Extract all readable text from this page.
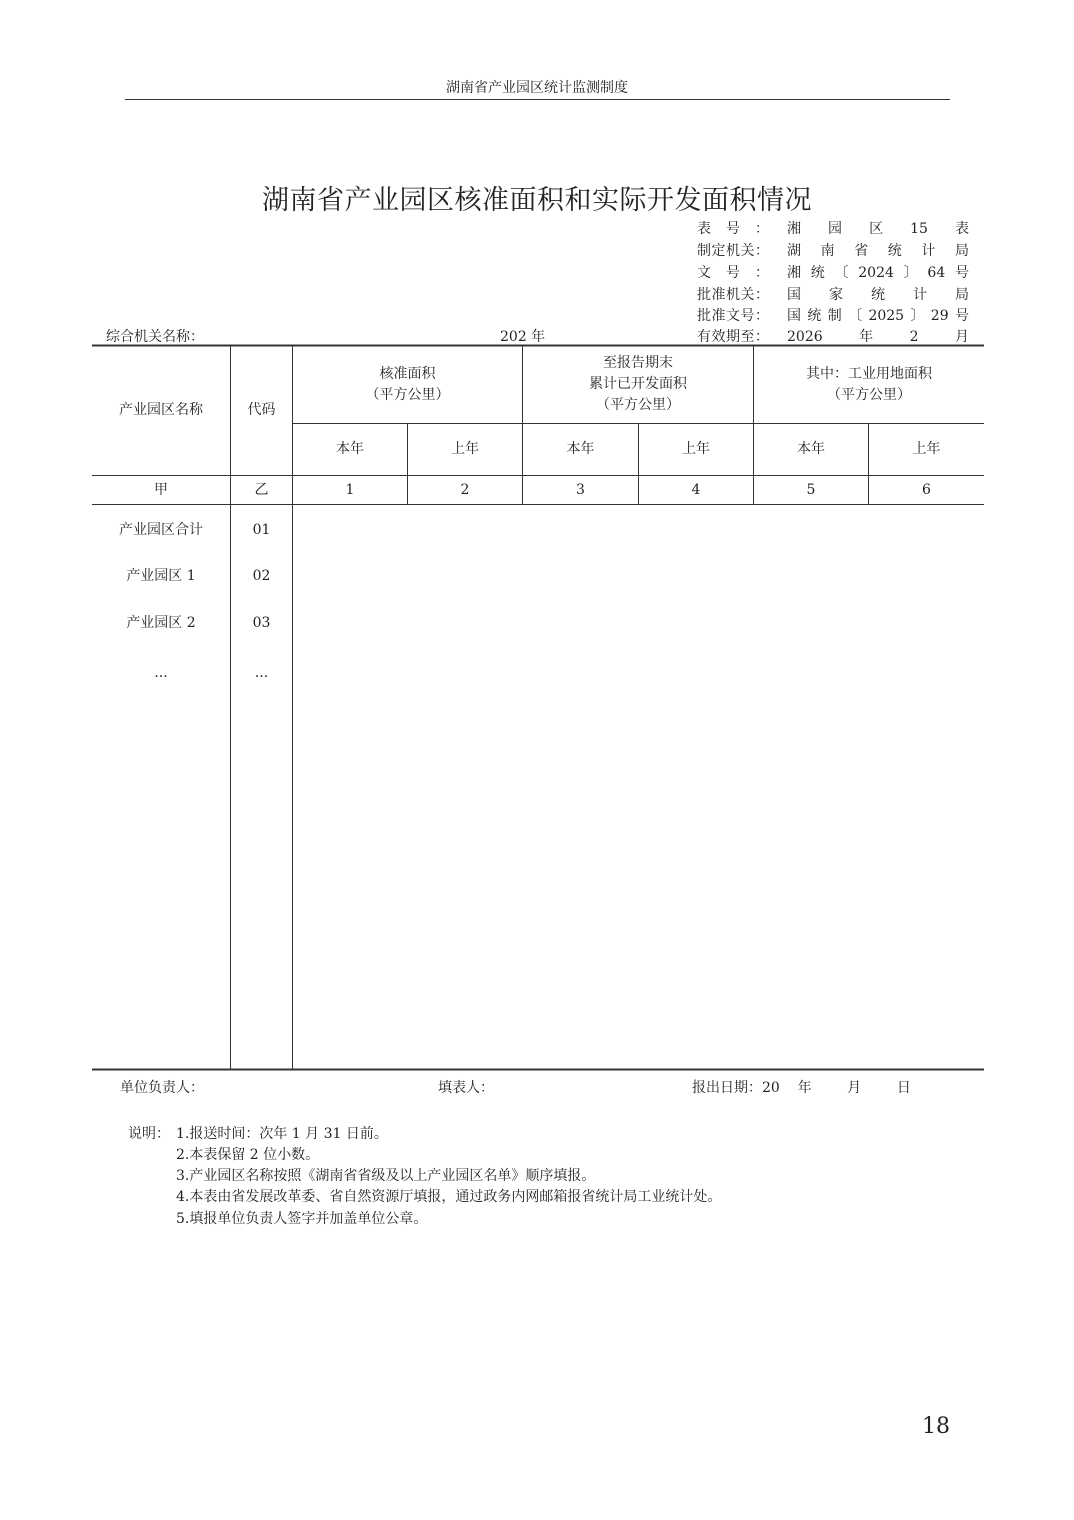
湖南省产业园区统计监测制度
湖南省产业园区核准面积和实际开发面积情况
表号： 湘园区15表
制定机关： 湖南省统计局
文号： 湘统〔2024〕64号
批准机关： 国家统计局
批准文号： 国统制〔2025〕29号
有效期至： 2026年2月
综合机关名称：	202 年
产业园区名称	代码
核准面积
（平方公里）
至报告期末
累计已开发面积
（平方公里）
其中：工业用地面积
（平方公里）
本年	上年	本年	上年	本年	上年
甲	乙	1	2	3	4	5	6
产业园区合计	01
产业园区 1	02
产业园区 2	03
...	...
单位负责人：	填表人：	报出日期：20    年        月        日
说明： 1.报送时间：次年 1 月 31 日前。
2.本表保留 2 位小数。
3.产业园区名称按照《湖南省省级及以上产业园区名单》顺序填报。
4.本表由省发展改革委、省自然资源厅填报，通过政务内网邮箱报省统计局工业统计处。
5.填报单位负责人签字并加盖单位公章。
18
